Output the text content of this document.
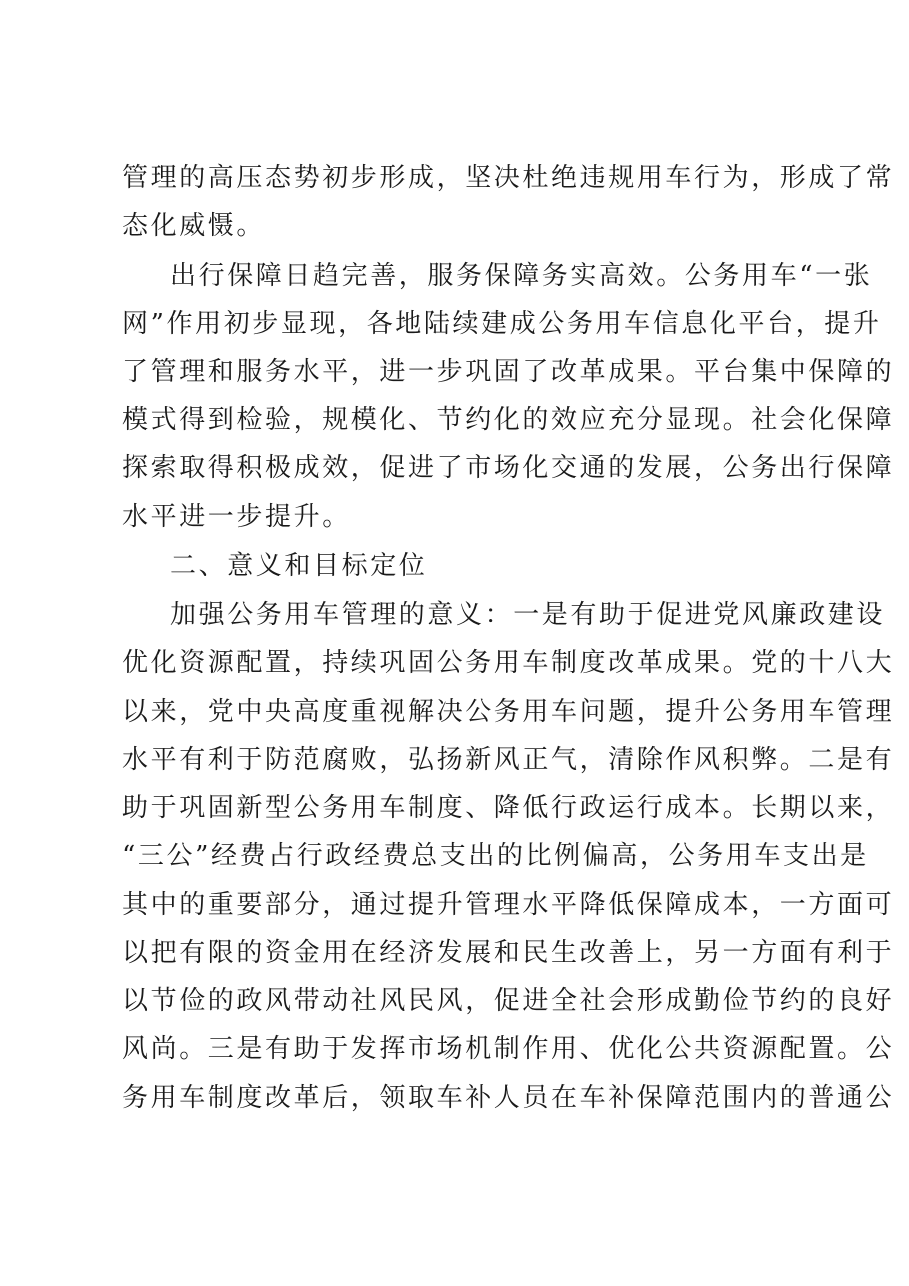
管理的高压态势初步形成，坚决杜绝违规用车行为，形成了常
态化威慑。
出行保障日趋完善，服务保障务实高效。公务用车“一张
网”作用初步显现，各地陆续建成公务用车信息化平台，提升
了管理和服务水平，进一步巩固了改革成果。平台集中保障的
模式得到检验，规模化、节约化的效应充分显现。社会化保障
探索取得积极成效，促进了市场化交通的发展，公务出行保障
水平进一步提升。
二、意义和目标定位
加强公务用车管理的意义：一是有助于促进党风廉政建设
优化资源配置，持续巩固公务用车制度改革成果。党的十八大
以来，党中央高度重视解决公务用车问题，提升公务用车管理
水平有利于防范腐败，弘扬新风正气，清除作风积弊。二是有
助于巩固新型公务用车制度、降低行政运行成本。长期以来，
“三公”经费占行政经费总支出的比例偏高，公务用车支出是
其中的重要部分，通过提升管理水平降低保障成本，一方面可
以把有限的资金用在经济发展和民生改善上，另一方面有利于
以节俭的政风带动社风民风，促进全社会形成勤俭节约的良好
风尚。三是有助于发挥市场机制作用、优化公共资源配置。公
务用车制度改革后，领取车补人员在车补保障范围内的普通公
